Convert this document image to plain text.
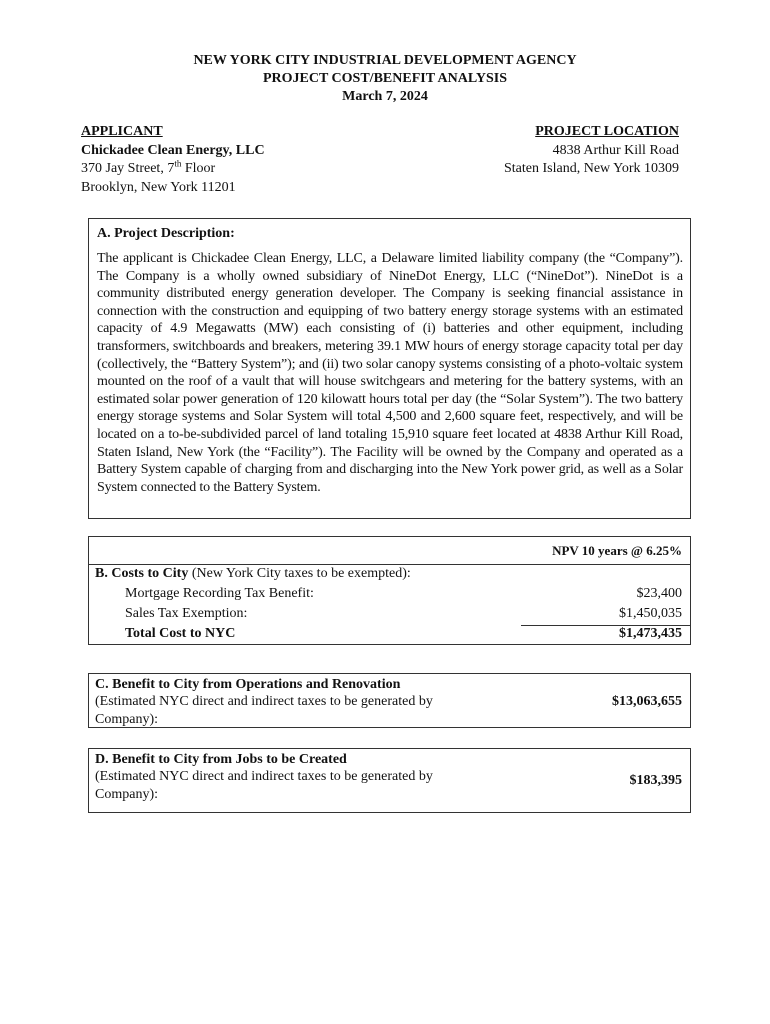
NEW YORK CITY INDUSTRIAL DEVELOPMENT AGENCY
PROJECT COST/BENEFIT ANALYSIS
March 7, 2024
APPLICANT
Chickadee Clean Energy, LLC
370 Jay Street, 7th Floor
Brooklyn, New York 11201
PROJECT LOCATION
4838 Arthur Kill Road
Staten Island, New York 10309
A. Project Description:
The applicant is Chickadee Clean Energy, LLC, a Delaware limited liability company (the “Company”). The Company is a wholly owned subsidiary of NineDot Energy, LLC (“NineDot”). NineDot is a community distributed energy generation developer. The Company is seeking financial assistance in connection with the construction and equipping of two battery energy storage systems with an estimated capacity of 4.9 Megawatts (MW) each consisting of (i) batteries and other equipment, including transformers, switchboards and breakers, metering 39.1 MW hours of energy storage capacity total per day (collectively, the “Battery System”); and (ii) two solar canopy systems consisting of a photo-voltaic system mounted on the roof of a vault that will house switchgears and metering for the battery systems, with an estimated solar power generation of 120 kilowatt hours total per day (the “Solar System”). The two battery energy storage systems and Solar System will total 4,500 and 2,600 square feet, respectively, and will be located on a to-be-subdivided parcel of land totaling 15,910 square feet located at 4838 Arthur Kill Road, Staten Island, New York (the “Facility”). The Facility will be owned by the Company and operated as a Battery System capable of charging from and discharging into the New York power grid, as well as a Solar System connected to the Battery System.
NPV 10 years @ 6.25%
B. Costs to City (New York City taxes to be exempted):
Mortgage Recording Tax Benefit:	$23,400
Sales Tax Exemption:	$1,450,035
Total Cost to NYC	$1,473,435
C. Benefit to City from Operations and Renovation
(Estimated NYC direct and indirect taxes to be generated by Company):
$13,063,655
D. Benefit to City from Jobs to be Created
(Estimated NYC direct and indirect taxes to be generated by Company):
$183,395
